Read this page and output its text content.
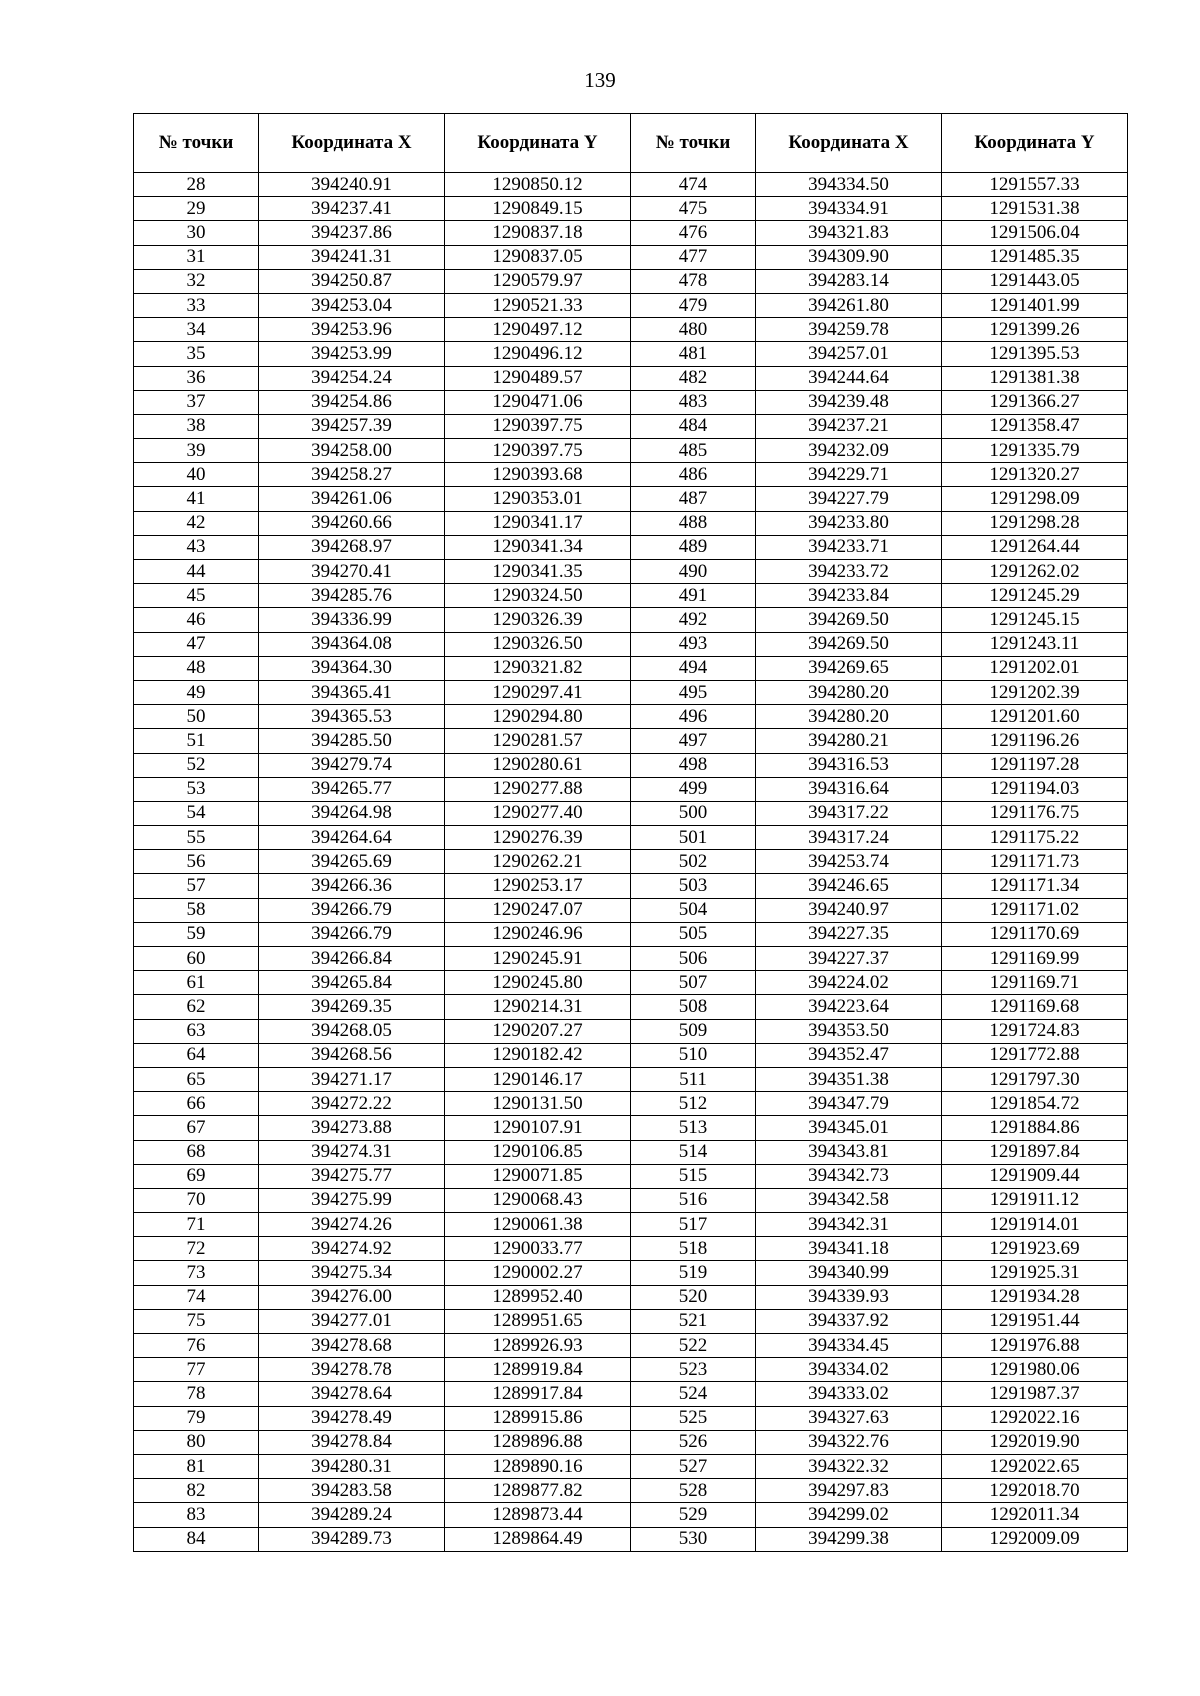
139
№ точки	Координата X	Координата Y	№ точки	Координата X	Координата Y
28	394240.91	1290850.12	474	394334.50	1291557.33
29	394237.41	1290849.15	475	394334.91	1291531.38
30	394237.86	1290837.18	476	394321.83	1291506.04
31	394241.31	1290837.05	477	394309.90	1291485.35
32	394250.87	1290579.97	478	394283.14	1291443.05
33	394253.04	1290521.33	479	394261.80	1291401.99
34	394253.96	1290497.12	480	394259.78	1291399.26
35	394253.99	1290496.12	481	394257.01	1291395.53
36	394254.24	1290489.57	482	394244.64	1291381.38
37	394254.86	1290471.06	483	394239.48	1291366.27
38	394257.39	1290397.75	484	394237.21	1291358.47
39	394258.00	1290397.75	485	394232.09	1291335.79
40	394258.27	1290393.68	486	394229.71	1291320.27
41	394261.06	1290353.01	487	394227.79	1291298.09
42	394260.66	1290341.17	488	394233.80	1291298.28
43	394268.97	1290341.34	489	394233.71	1291264.44
44	394270.41	1290341.35	490	394233.72	1291262.02
45	394285.76	1290324.50	491	394233.84	1291245.29
46	394336.99	1290326.39	492	394269.50	1291245.15
47	394364.08	1290326.50	493	394269.50	1291243.11
48	394364.30	1290321.82	494	394269.65	1291202.01
49	394365.41	1290297.41	495	394280.20	1291202.39
50	394365.53	1290294.80	496	394280.20	1291201.60
51	394285.50	1290281.57	497	394280.21	1291196.26
52	394279.74	1290280.61	498	394316.53	1291197.28
53	394265.77	1290277.88	499	394316.64	1291194.03
54	394264.98	1290277.40	500	394317.22	1291176.75
55	394264.64	1290276.39	501	394317.24	1291175.22
56	394265.69	1290262.21	502	394253.74	1291171.73
57	394266.36	1290253.17	503	394246.65	1291171.34
58	394266.79	1290247.07	504	394240.97	1291171.02
59	394266.79	1290246.96	505	394227.35	1291170.69
60	394266.84	1290245.91	506	394227.37	1291169.99
61	394265.84	1290245.80	507	394224.02	1291169.71
62	394269.35	1290214.31	508	394223.64	1291169.68
63	394268.05	1290207.27	509	394353.50	1291724.83
64	394268.56	1290182.42	510	394352.47	1291772.88
65	394271.17	1290146.17	511	394351.38	1291797.30
66	394272.22	1290131.50	512	394347.79	1291854.72
67	394273.88	1290107.91	513	394345.01	1291884.86
68	394274.31	1290106.85	514	394343.81	1291897.84
69	394275.77	1290071.85	515	394342.73	1291909.44
70	394275.99	1290068.43	516	394342.58	1291911.12
71	394274.26	1290061.38	517	394342.31	1291914.01
72	394274.92	1290033.77	518	394341.18	1291923.69
73	394275.34	1290002.27	519	394340.99	1291925.31
74	394276.00	1289952.40	520	394339.93	1291934.28
75	394277.01	1289951.65	521	394337.92	1291951.44
76	394278.68	1289926.93	522	394334.45	1291976.88
77	394278.78	1289919.84	523	394334.02	1291980.06
78	394278.64	1289917.84	524	394333.02	1291987.37
79	394278.49	1289915.86	525	394327.63	1292022.16
80	394278.84	1289896.88	526	394322.76	1292019.90
81	394280.31	1289890.16	527	394322.32	1292022.65
82	394283.58	1289877.82	528	394297.83	1292018.70
83	394289.24	1289873.44	529	394299.02	1292011.34
84	394289.73	1289864.49	530	394299.38	1292009.09
